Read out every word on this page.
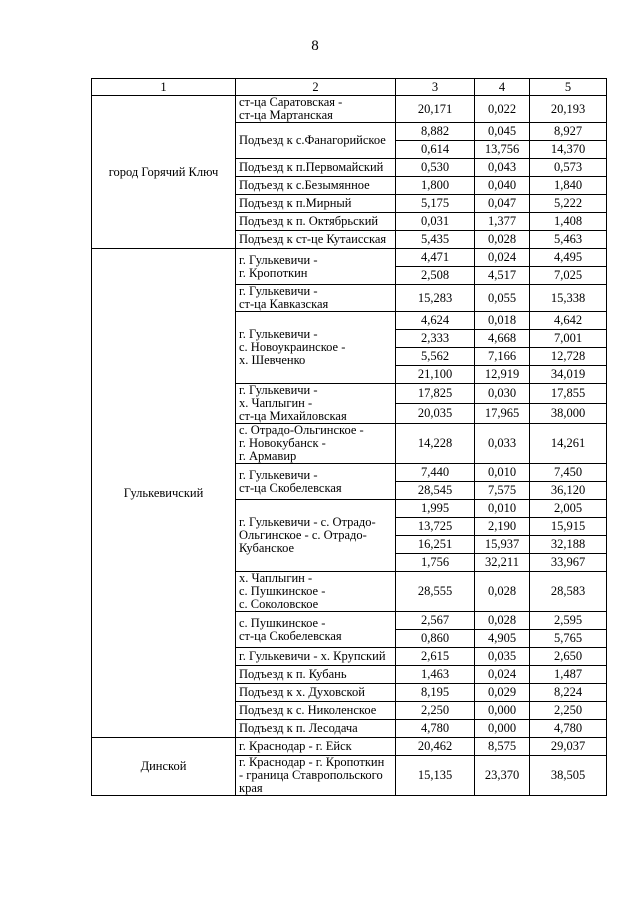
8
1	2	3	4	5
город Горячий Ключ	ст-ца Саратовская -
ст-ца Мартанская	20,171	0,022	20,193

	Подъезд к с.Фанагорийское	8,882	0,045	8,927
		0,614	13,756	14,370

	Подъезд к п.Первомайский	0,530	0,043	0,573

	Подъезд к с.Безымянное	1,800	0,040	1,840

	Подъезд к п.Мирный	5,175	0,047	5,222

	Подъезд к п. Октябрьский	0,031	1,377	1,408

	Подъезд к ст-це Кутаисская	5,435	0,028	5,463
Гулькевичский	г. Гулькевичи -
г. Кропоткин	4,471	0,024	4,495
		2,508	4,517	7,025

	г. Гулькевичи -
ст-ца Кавказская	15,283	0,055	15,338

	г. Гулькевичи -
с. Новоукраинское -
х. Шевченко	4,624	0,018	4,642
		2,333	4,668	7,001
		5,562	7,166	12,728
		21,100	12,919	34,019

	г. Гулькевичи -
х. Чаплыгин -
ст-ца Михайловская	17,825	0,030	17,855
		20,035	17,965	38,000

	с. Отрадо-Ольгинское -
г. Новокубанск -
г. Армавир	14,228	0,033	14,261

	г. Гулькевичи -
ст-ца Скобелевская	7,440	0,010	7,450
		28,545	7,575	36,120

	г. Гулькевичи - с. Отрадо-
Ольгинское - с. Отрадо-
Кубанское	1,995	0,010	2,005
		13,725	2,190	15,915
		16,251	15,937	32,188
		1,756	32,211	33,967

	х. Чаплыгин -
с. Пушкинское -
с. Соколовское	28,555	0,028	28,583

	с. Пушкинское -
ст-ца Скобелевская	2,567	0,028	2,595
		0,860	4,905	5,765

	г. Гулькевичи - х. Крупский	2,615	0,035	2,650

	Подъезд к п. Кубань	1,463	0,024	1,487

	Подъезд к х. Духовской	8,195	0,029	8,224

	Подъезд к с. Николенское	2,250	0,000	2,250

	Подъезд к п. Лесодача	4,780	0,000	4,780
Динской	г. Краснодар - г. Ейск	20,462	8,575	29,037

	г. Краснодар - г. Кропоткин
- граница Ставропольского
края	15,135	23,370	38,505
